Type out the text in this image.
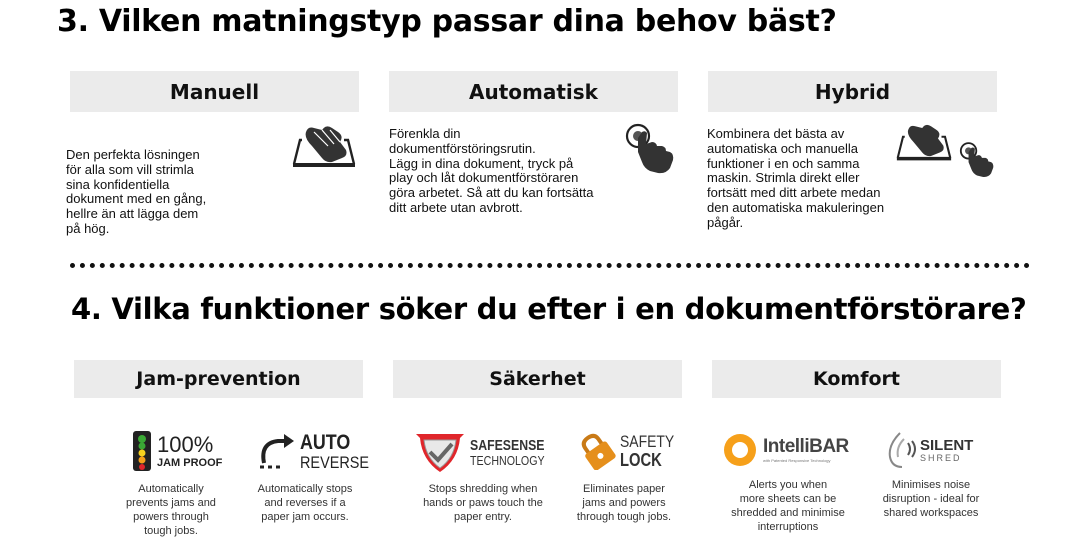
3. Vilken matningstyp passar dina behov bäst?
Manuell
Den perfekta lösningen
för alla som vill strimla
sina konfidentiella
dokument med en gång,
hellre än att lägga dem
på hög.
Automatisk
Förenkla din
dokumentförstöringsrutin.
Lägg in dina dokument, tryck på
play och låt dokumentförstöraren
göra arbetet. Så att du kan fortsätta
ditt arbete utan avbrott.
Hybrid
Kombinera det bästa av
automatiska och manuella
funktioner i en och samma
maskin. Strimla direkt eller
fortsätt med ditt arbete medan
den automatiska makuleringen
pågår.
4. Vilka funktioner söker du efter i en dokumentförstörare?
Jam-prevention	Säkerhet	Komfort
100%
JAM PROOF
Automatically
prevents jams and
powers through
tough jobs.
AUTO
REVERSE
Automatically stops
and reverses if a
paper jam occurs.
SAFESENSE
TECHNOLOGY
Stops shredding when
hands or paws touch the
paper entry.
SAFETY
LOCK
Eliminates paper
jams and powers
through tough jobs.
IntelliBAR
with Patented Responsive Technology
Alerts you when
more sheets can be
shredded and minimise
interruptions
SILENT
SHRED
Minimises noise
disruption - ideal for
shared workspaces
